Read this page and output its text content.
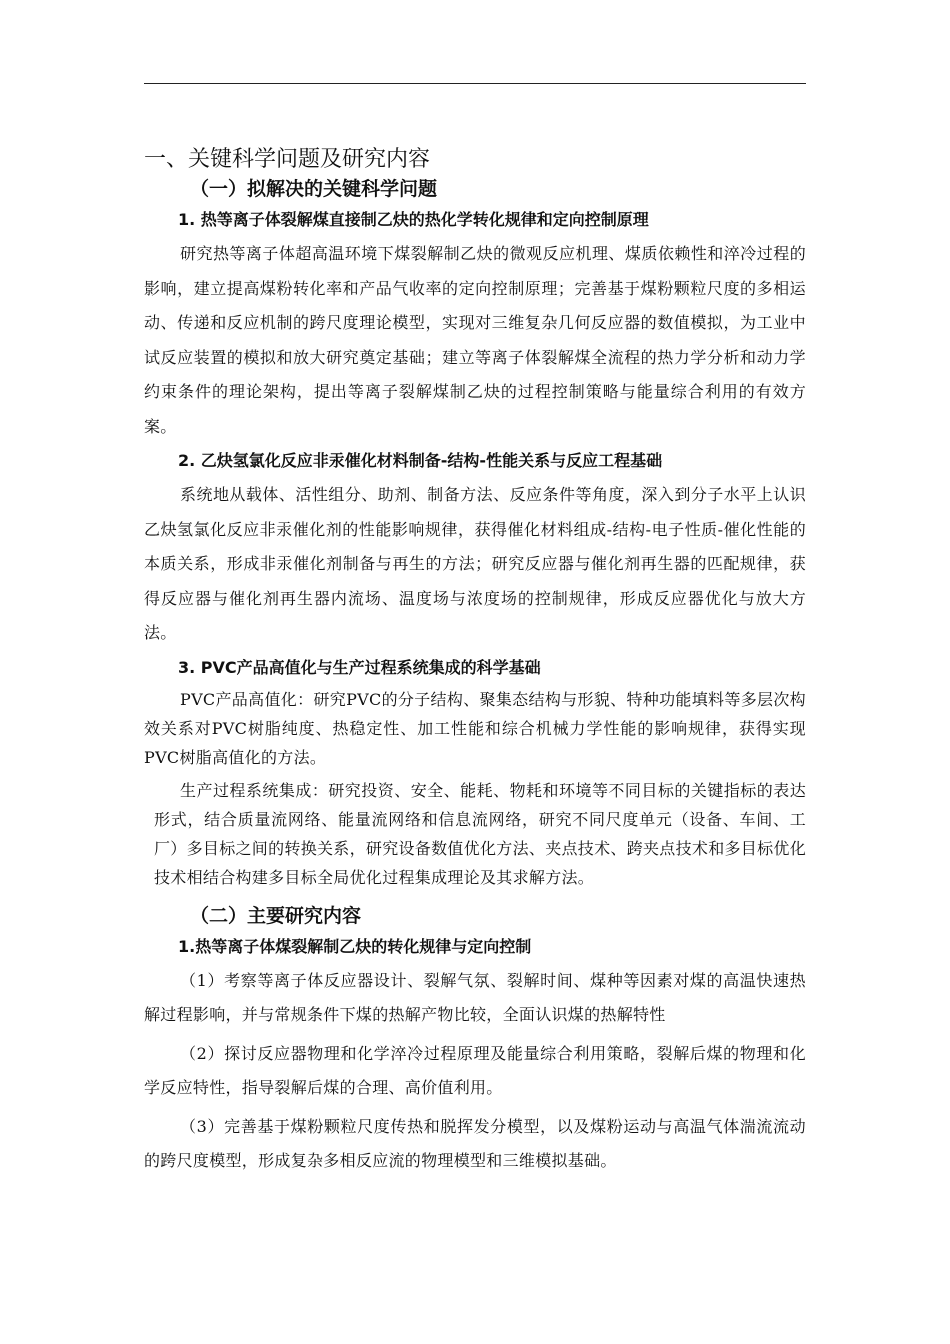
一、关键科学问题及研究内容
（一）拟解决的关键科学问题
1. 热等离子体裂解煤直接制乙炔的热化学转化规律和定向控制原理

研究热等离子体超高温环境下煤裂解制乙炔的微观反应机理、煤质依赖性和淬冷过程的影响，建立提高煤粉转化率和产品气收率的定向控制原理；完善基于煤粉颗粒尺度的多相运动、传递和反应机制的跨尺度理论模型，实现对三维复杂几何反应器的数值模拟，为工业中试反应装置的模拟和放大研究奠定基础；建立等离子体裂解煤全流程的热力学分析和动力学约束条件的理论架构，提出等离子裂解煤制乙炔的过程控制策略与能量综合利用的有效方案。

2. 乙炔氢氯化反应非汞催化材料制备-结构-性能关系与反应工程基础

系统地从载体、活性组分、助剂、制备方法、反应条件等角度，深入到分子水平上认识乙炔氢氯化反应非汞催化剂的性能影响规律，获得催化材料组成-结构-电子性质-催化性能的本质关系，形成非汞催化剂制备与再生的方法；研究反应器与催化剂再生器的匹配规律，获得反应器与催化剂再生器内流场、温度场与浓度场的控制规律，形成反应器优化与放大方法。

3. PVC产品高值化与生产过程系统集成的科学基础

PVC产品高值化：研究PVC的分子结构、聚集态结构与形貌、特种功能填料等多层次构效关系对PVC树脂纯度、热稳定性、加工性能和综合机械力学性能的影响规律，获得实现PVC树脂高值化的方法。

生产过程系统集成：研究投资、安全、能耗、物耗和环境等不同目标的关键指标的表达形式，结合质量流网络、能量流网络和信息流网络，研究不同尺度单元（设备、车间、工厂）多目标之间的转换关系，研究设备数值优化方法、夹点技术、跨夹点技术和多目标优化技术相结合构建多目标全局优化过程集成理论及其求解方法。

（二）主要研究内容
1.热等离子体煤裂解制乙炔的转化规律与定向控制

（1）考察等离子体反应器设计、裂解气氛、裂解时间、煤种等因素对煤的高温快速热解过程影响，并与常规条件下煤的热解产物比较，全面认识煤的热解特性

（2）探讨反应器物理和化学淬冷过程原理及能量综合利用策略，裂解后煤的物理和化学反应特性，指导裂解后煤的合理、高价值利用。

（3）完善基于煤粉颗粒尺度传热和脱挥发分模型，以及煤粉运动与高温气体湍流流动的跨尺度模型，形成复杂多相反应流的物理模型和三维模拟基础。
